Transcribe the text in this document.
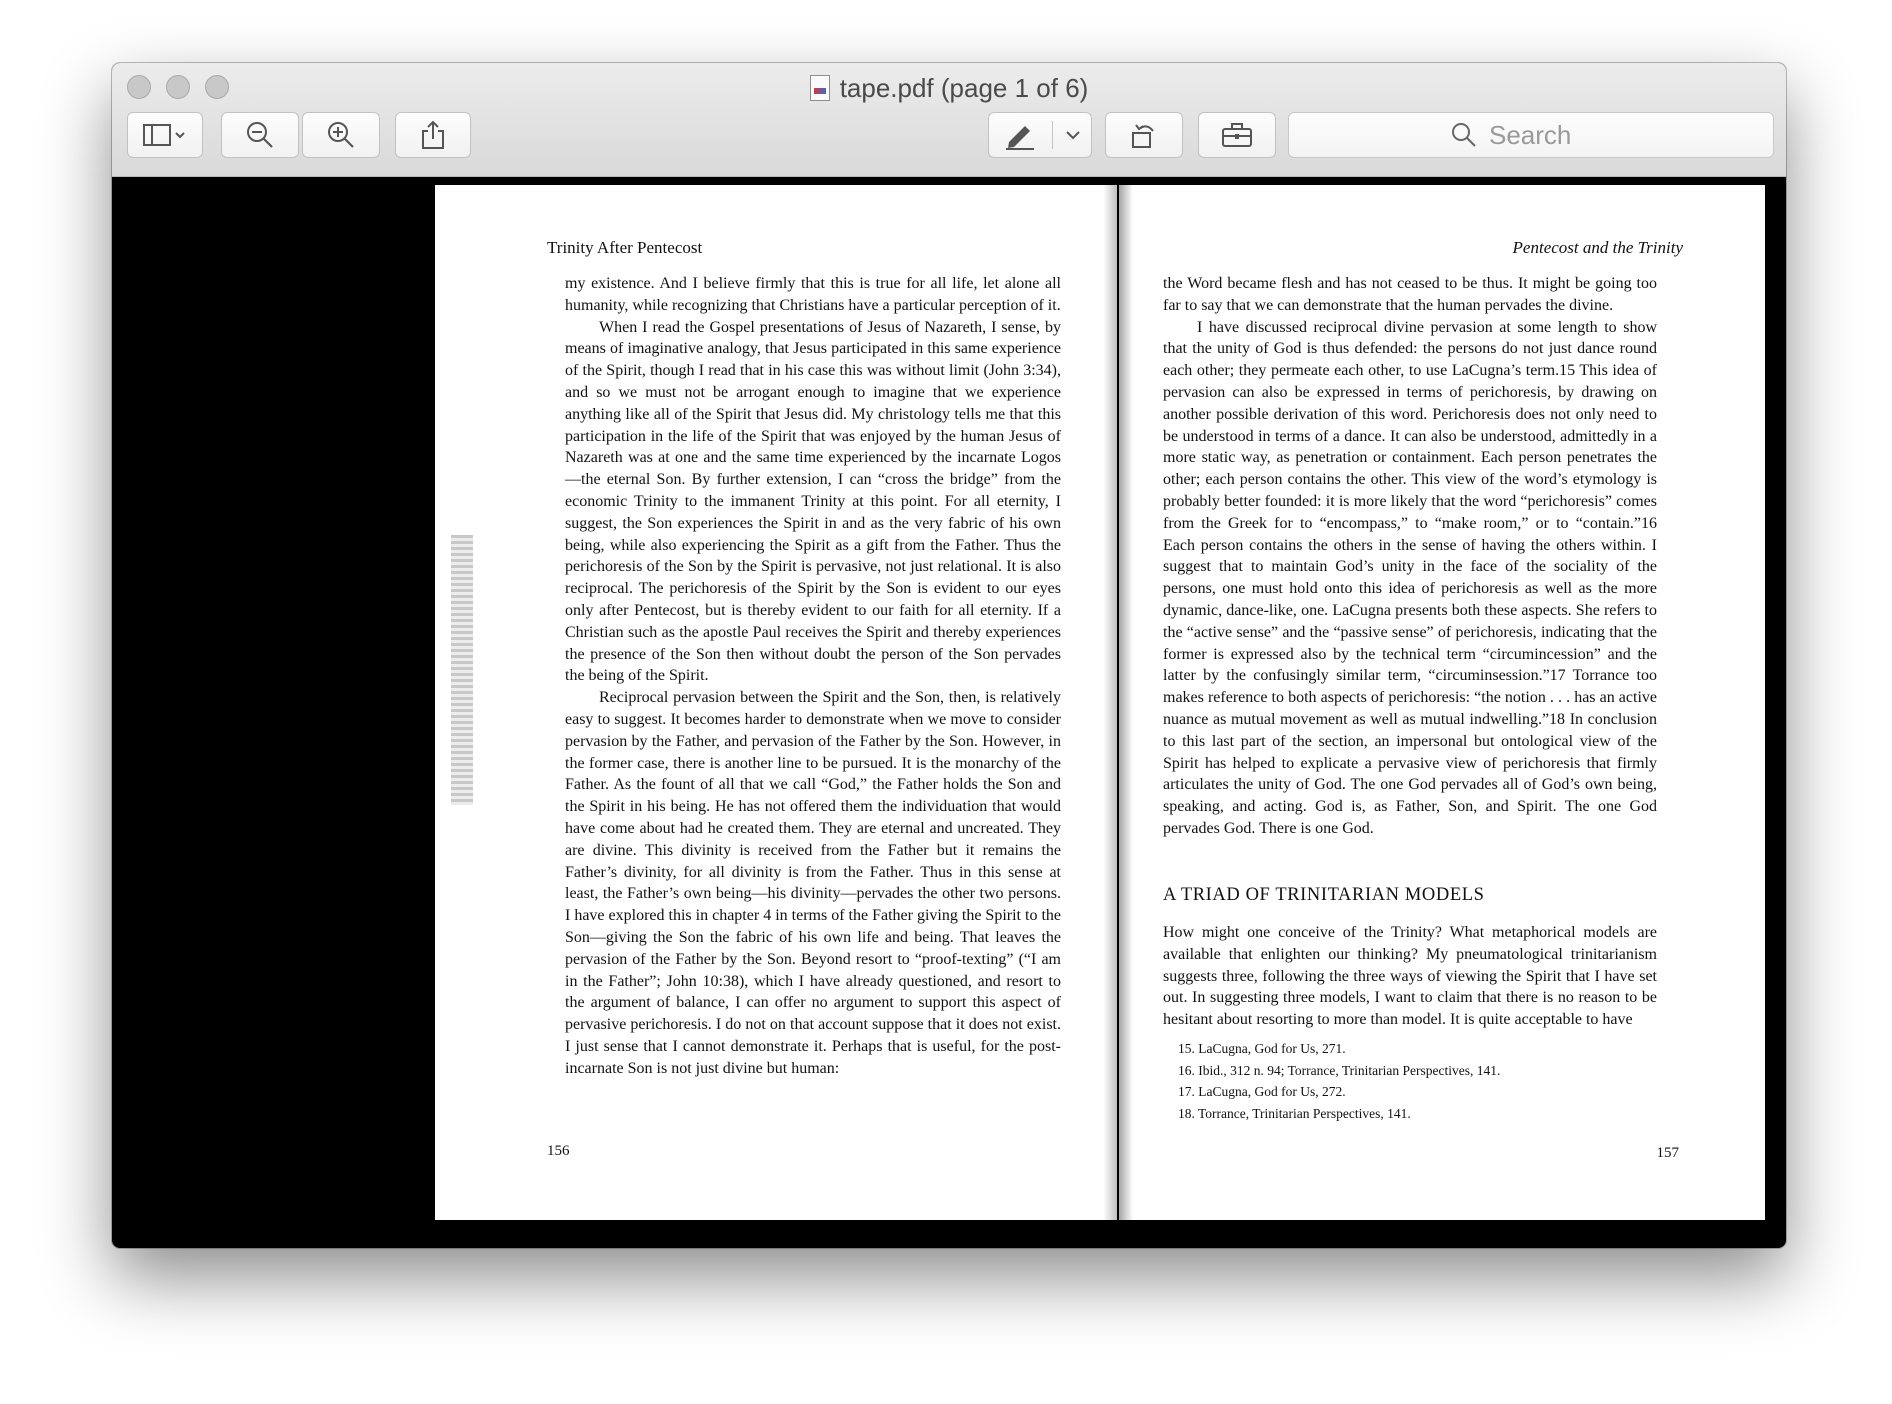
tape.pdf (page 1 of 6)
Search
Trinity After Pentecost

my existence. And I believe firmly that this is true for all life, let alone all humanity, while recognizing that Christians have a particular perception of it.

When I read the Gospel presentations of Jesus of Nazareth, I sense, by means of imaginative analogy, that Jesus participated in this same experience of the Spirit, though I read that in his case this was without limit (John 3:34), and so we must not be arrogant enough to imagine that we experience anything like all of the Spirit that Jesus did. My christology tells me that this participation in the life of the Spirit that was enjoyed by the human Jesus of Nazareth was at one and the same time experienced by the incarnate Logos—the eternal Son. By further extension, I can “cross the bridge” from the economic Trinity to the immanent Trinity at this point. For all eternity, I suggest, the Son experiences the Spirit in and as the very fabric of his own being, while also experiencing the Spirit as a gift from the Father. Thus the perichoresis of the Son by the Spirit is pervasive, not just relational. It is also reciprocal. The perichoresis of the Spirit by the Son is evident to our eyes only after Pentecost, but is thereby evident to our faith for all eternity. If a Christian such as the apostle Paul receives the Spirit and thereby experiences the presence of the Son then without doubt the person of the Son pervades the being of the Spirit.

Reciprocal pervasion between the Spirit and the Son, then, is relatively easy to suggest. It becomes harder to demonstrate when we move to consider pervasion by the Father, and pervasion of the Father by the Son. However, in the former case, there is another line to be pursued. It is the monarchy of the Father. As the fount of all that we call “God,” the Father holds the Son and the Spirit in his being. He has not offered them the individuation that would have come about had he created them. They are eternal and uncreated. They are divine. This divinity is received from the Father but it remains the Father’s divinity, for all divinity is from the Father. Thus in this sense at least, the Father’s own being—his divinity—pervades the other two persons. I have explored this in chapter 4 in terms of the Father giving the Spirit to the Son—giving the Son the fabric of his own life and being. That leaves the pervasion of the Father by the Son. Beyond resort to “proof-texting” (“I am in the Father”; John 10:38), which I have already questioned, and resort to the argument of balance, I can offer no argument to support this aspect of pervasive perichoresis. I do not on that account suppose that it does not exist. I just sense that I cannot demonstrate it. Perhaps that is useful, for the post-incarnate Son is not just divine but human:

156
Pentecost and the Trinity

the Word became flesh and has not ceased to be thus. It might be going too far to say that we can demonstrate that the human pervades the divine.

I have discussed reciprocal divine pervasion at some length to show that the unity of God is thus defended: the persons do not just dance round each other; they permeate each other, to use LaCugna’s term.15 This idea of pervasion can also be expressed in terms of perichoresis, by drawing on another possible derivation of this word. Perichoresis does not only need to be understood in terms of a dance. It can also be understood, admittedly in a more static way, as penetration or containment. Each person penetrates the other; each person contains the other. This view of the word’s etymology is probably better founded: it is more likely that the word “perichoresis” comes from the Greek for to “encompass,” to “make room,” or to “contain.”16 Each person contains the others in the sense of having the others within. I suggest that to maintain God’s unity in the face of the sociality of the persons, one must hold onto this idea of perichoresis as well as the more dynamic, dance-like, one. LaCugna presents both these aspects. She refers to the “active sense” and the “passive sense” of perichoresis, indicating that the former is expressed also by the technical term “circumincession” and the latter by the confusingly similar term, “circuminsession.”17 Torrance too makes reference to both aspects of perichoresis: “the notion . . . has an active nuance as mutual movement as well as mutual indwelling.”18 In conclusion to this last part of the section, an impersonal but ontological view of the Spirit has helped to explicate a pervasive view of perichoresis that firmly articulates the unity of God. The one God pervades all of God’s own being, speaking, and acting. God is, as Father, Son, and Spirit. The one God pervades God. There is one God.

A TRIAD OF TRINITARIAN MODELS

How might one conceive of the Trinity? What metaphorical models are available that enlighten our thinking? My pneumatological trinitarianism suggests three, following the three ways of viewing the Spirit that I have set out. In suggesting three models, I want to claim that there is no reason to be hesitant about resorting to more than model. It is quite acceptable to have

15. LaCugna, God for Us, 271.
16. Ibid., 312 n. 94; Torrance, Trinitarian Perspectives, 141.
17. LaCugna, God for Us, 272.
18. Torrance, Trinitarian Perspectives, 141.
157
